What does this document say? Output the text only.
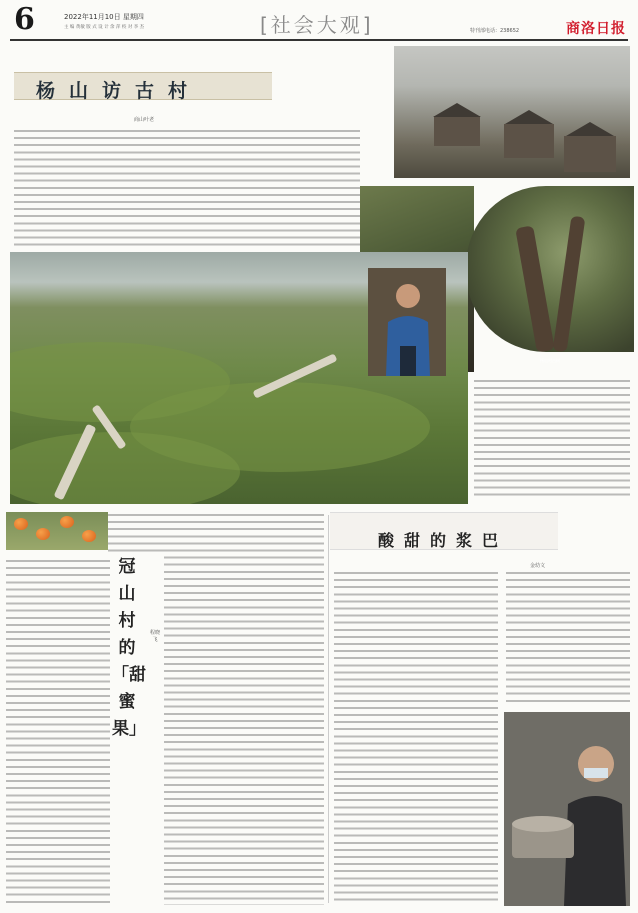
6	2022年11月10日 星期四
主 编 黄敏 版 式 设 计 余 萍 校 对 李 杰	[社会大观]	特刊部电话：238652	商洛日报
杨山访古村
商山叶老
杨山村古树
冠山村的「甜蜜果」
程晓飞
酸甜的浆巴
金幼文
